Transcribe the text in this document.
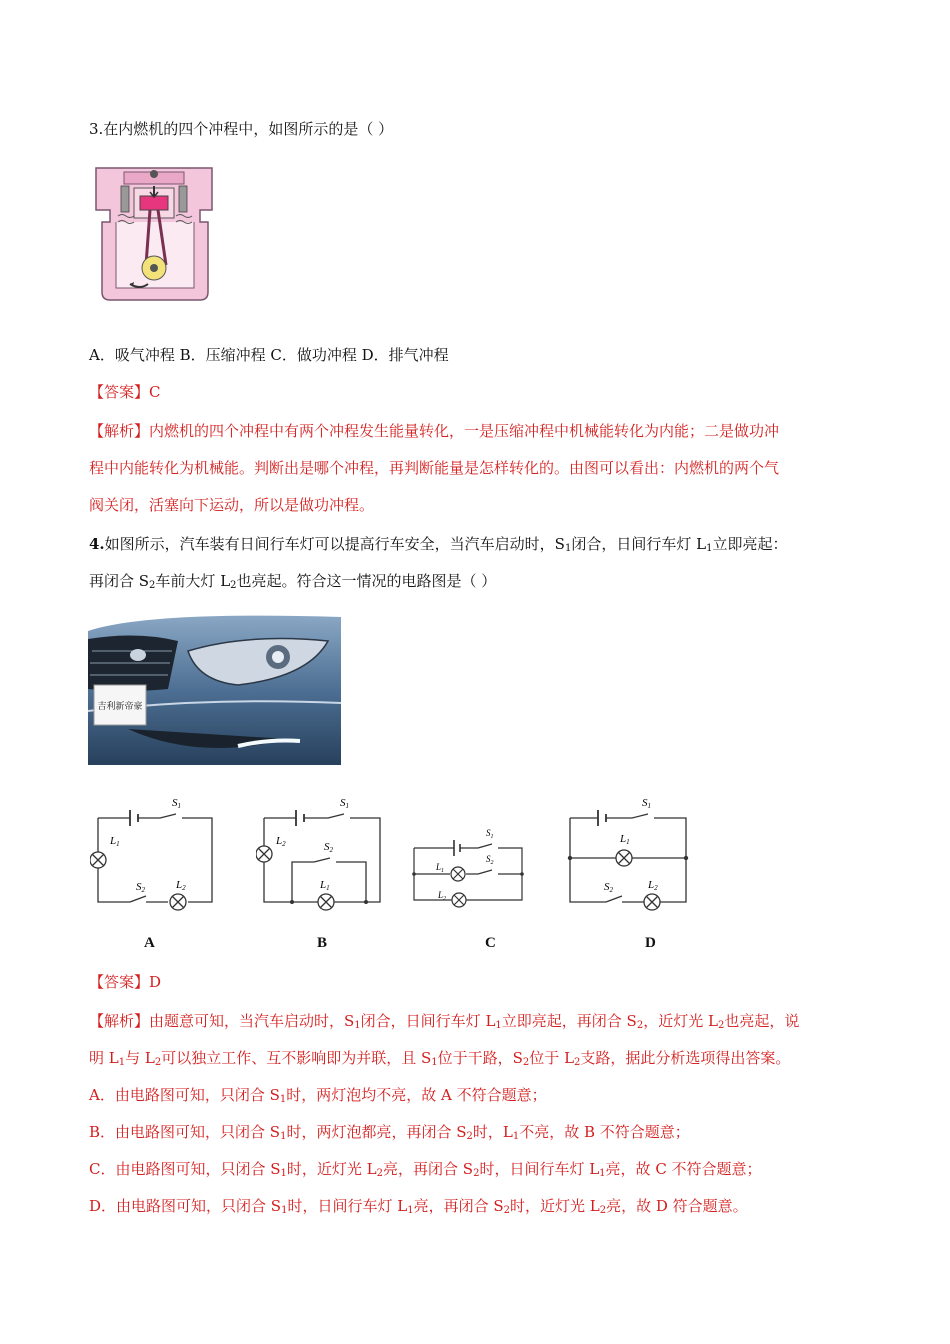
3.在内燃机的四个冲程中，如图所示的是（ ）
A．吸气冲程 B．压缩冲程 C．做功冲程 D．排气冲程
【答案】C
【解析】内燃机的四个冲程中有两个冲程发生能量转化，一是压缩冲程中机械能转化为内能；二是做功冲
程中内能转化为机械能。判断出是哪个冲程，再判断能量是怎样转化的。由图可以看出：内燃机的两个气
阀关闭，活塞向下运动，所以是做功冲程。
4.如图所示，汽车装有日间行车灯可以提高行车安全，当汽车启动时，$S_1$闭合，日间行车灯 $L_1$立即亮起：
再闭合 $S_2$车前大灯 $L_2$也亮起。符合这一情况的电路图是（ ）
吉利新帝豪
S1
L1
S2	L2
A
S1
L2	S2
L1
B
$S_1$
$S_2$
$L_1$
$L_2$
C
S1
L1
S2	L2
D
【答案】D
【解析】由题意可知，当汽车启动时，$S_1$闭合，日间行车灯 $L_1$立即亮起，再闭合 $S_2$，近灯光 $L_2$也亮起，说
明 $L_1$与 $L_2$可以独立工作、互不影响即为并联，且 $S_1$位于干路，$S_2$位于 $L_2$支路，据此分析选项得出答案。
A．由电路图可知，只闭合 $S_1$时，两灯泡均不亮，故 A 不符合题意；
B．由电路图可知，只闭合 $S_1$时，两灯泡都亮，再闭合 $S_2$时，$L_1$不亮，故 B 不符合题意；
C．由电路图可知，只闭合 $S_1$时，近灯光 $L_2$亮，再闭合 $S_2$时，日间行车灯 $L_1$亮，故 C 不符合题意；
D．由电路图可知，只闭合 $S_1$时，日间行车灯 $L_1$亮，再闭合 $S_2$时，近灯光 $L_2$亮，故 D 符合题意。
